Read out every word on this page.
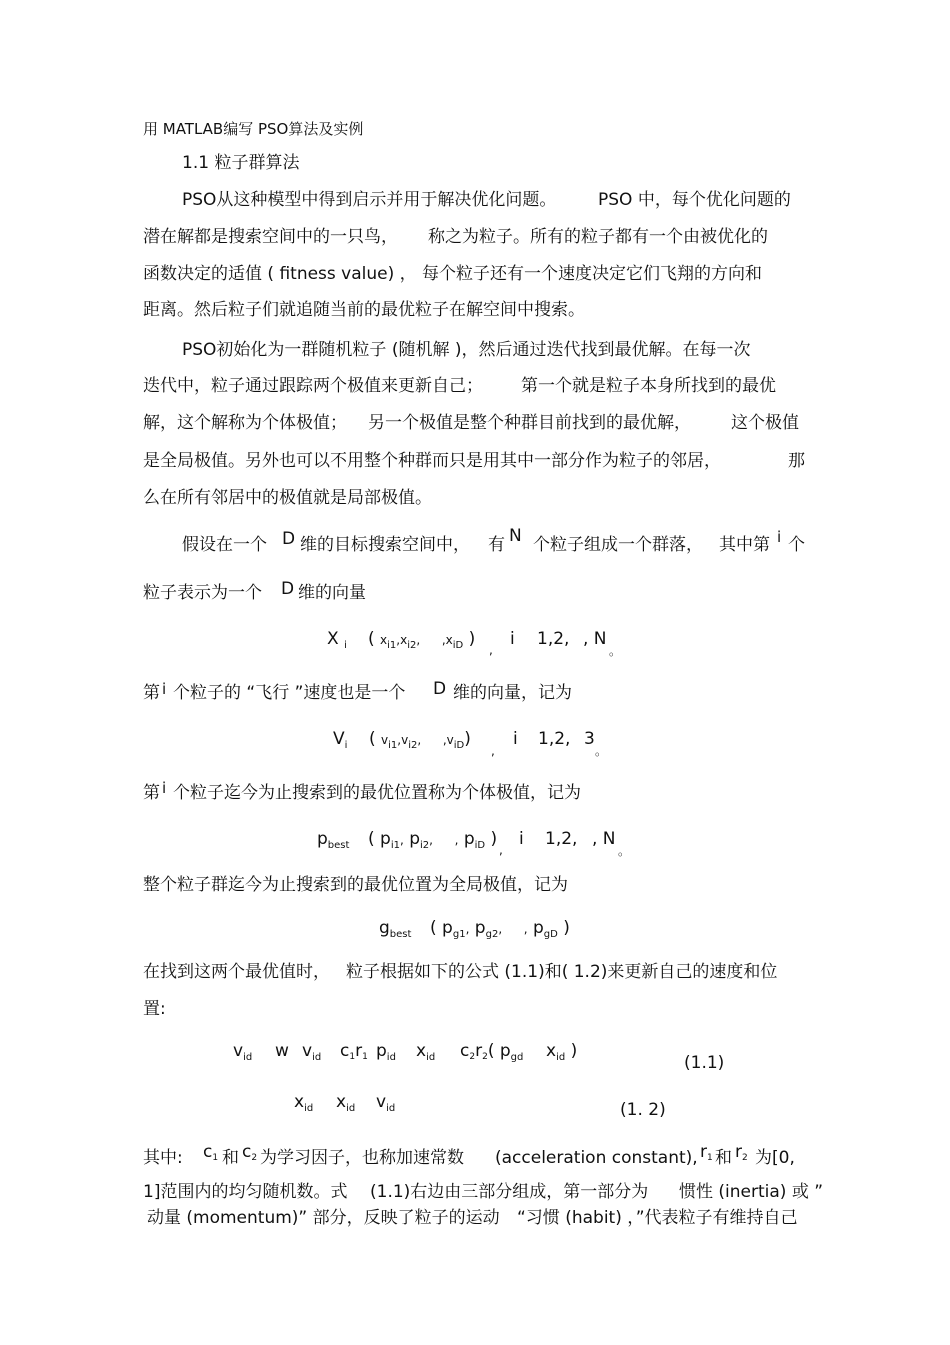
用 MATLAB编写 PSO算法及实例
1.1 粒子群算法
PSO从这种模型中得到启示并用于解决优化问题。 PSO 中，每个优化问题的
潜在解都是搜索空间中的一只鸟， 称之为粒子。所有的粒子都有一个由被优化的
函数决定的适值 ( fitness value) ， 每个粒子还有一个速度决定它们飞翔的方向和
距离。然后粒子们就追随当前的最优粒子在解空间中搜索。
PSO初始化为一群随机粒子 (随机解 )，然后通过迭代找到最优解。在每一次
迭代中，粒子通过跟踪两个极值来更新自己； 第一个就是粒子本身所找到的最优
解，这个解称为个体极值； 另一个极值是整个种群目前找到的最优解， 这个极值
是全局极值。另外也可以不用整个种群而只是用其中一部分作为粒子的邻居，	那
么在所有邻居中的极值就是局部极值。
假设在一个 D 维的目标搜索空间中， 有 N 个粒子组成一个群落， 其中第 i 个
粒子表示为一个 D 维的向量
X $_i$ ( $x_{i1},x_{i2}$, $,x_{iD}$ )
,
i 1,2, , N
。
第 i 个粒子的 “飞行 ”速度也是一个 D 维的向量，记为
$V_i$ ( $v_{i1},v_{i2}$, $,v_{iD}$)
,
i 1,2, 3
。
第 i 个粒子迄今为止搜索到的最优位置称为个体极值，记为
$p_{best}$ ( $p_{i1}$, $p_{i2}$, , $p_{iD}$ )
,
i 1,2, , N
。
整个粒子群迄今为止搜索到的最优位置为全局极值，记为
$g_{best}$ ( $p_{g1}$, $p_{g2}$, , $p_{gD}$ )
在找到这两个最优值时， 粒子根据如下的公式 (1.1)和( 1.2)来更新自己的速度和位
置:
$v_{id}$ w $v_{id}$ c1r1 $p_{id}$ $x_{id}$ c2r2( $p_{gd}$ $x_{id}$ )
(1.1)
$x_{id}$ $x_{id}$ $v_{id}$	(1. 2)
其中: c1 和 c2 为学习因子，也称加速常数 (acceleration constant), r1 和 r2 为[0,
1]范围内的均匀随机数。式 (1.1)右边由三部分组成，第一部分为 惯性 (inertia) 或 ”
动量 (momentum)” 部分，反映了粒子的运动 “习惯 (habit) ，”代表粒子有维持自己
